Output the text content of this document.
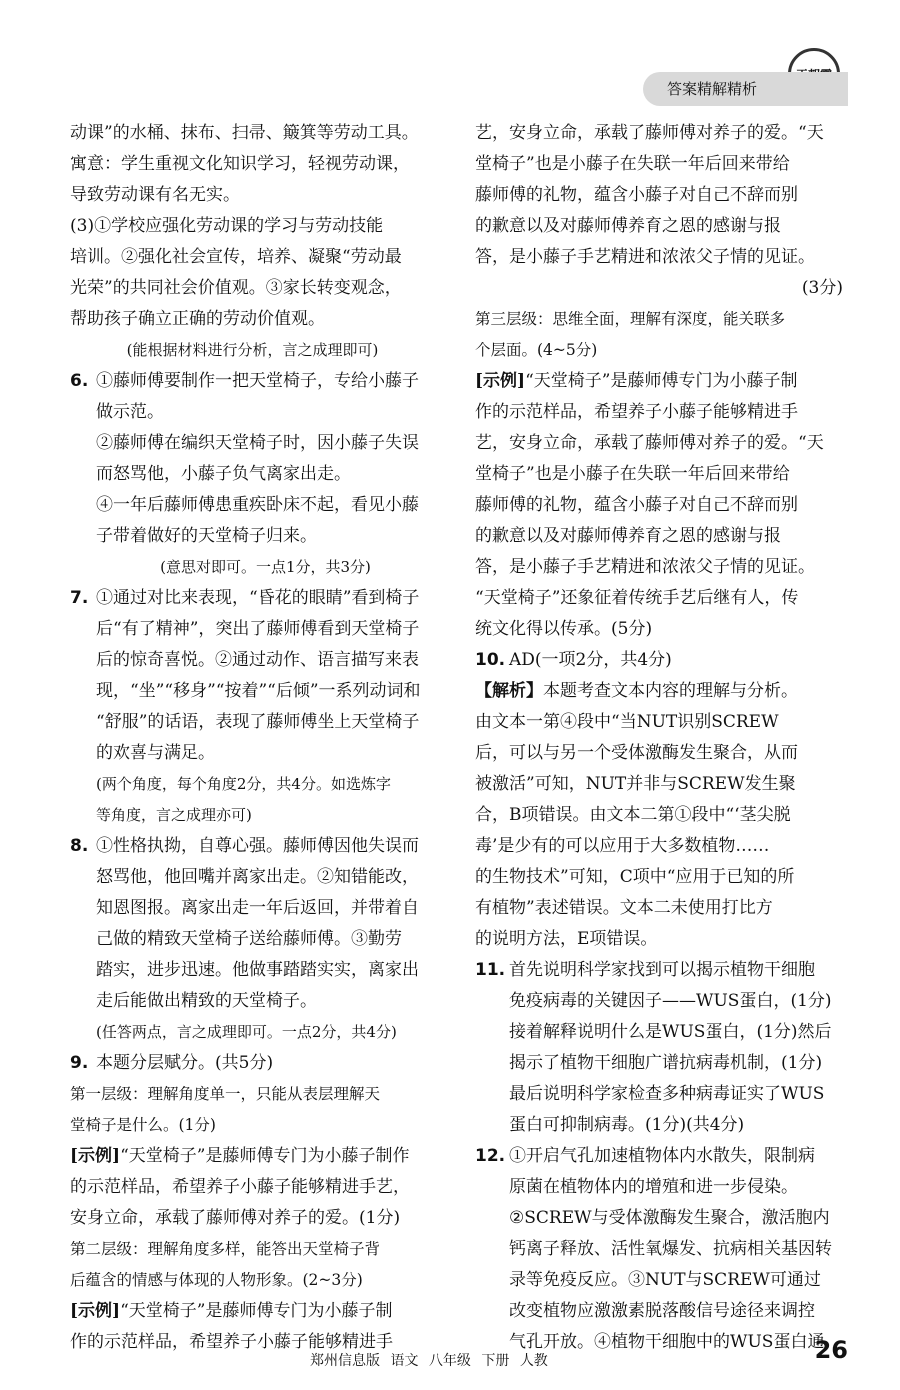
答案精解精析

动课”的水桶、抹布、扫帚、簸箕等劳动工具。

寓意：学生重视文化知识学习，轻视劳动课，

导致劳动课有名无实。

(3)①学校应强化劳动课的学习与劳动技能

培训。②强化社会宣传，培养、凝聚“劳动最

光荣”的共同社会价值观。③家长转变观念，

帮助孩子确立正确的劳动价值观。

(能根据材料进行分析，言之成理即可)

6. ①藤师傅要制作一把天堂椅子，专给小藤子

做示范。

②藤师傅在编织天堂椅子时，因小藤子失误

而怒骂他，小藤子负气离家出走。

④一年后藤师傅患重疾卧床不起，看见小藤

子带着做好的天堂椅子归来。

(意思对即可。一点1分，共3分)

7. ①通过对比来表现，“昏花的眼睛”看到椅子

后“有了精神”，突出了藤师傅看到天堂椅子

后的惊奇喜悦。②通过动作、语言描写来表

现，“坐”“移身”“按着”“后倾”一系列动词和

“舒服”的话语，表现了藤师傅坐上天堂椅子

的欢喜与满足。

(两个角度，每个角度2分，共4分。如选炼字

等角度，言之成理亦可)

8. ①性格执拗，自尊心强。藤师傅因他失误而

怒骂他，他回嘴并离家出走。②知错能改，

知恩图报。离家出走一年后返回，并带着自

己做的精致天堂椅子送给藤师傅。③勤劳

踏实，进步迅速。他做事踏踏实实，离家出

走后能做出精致的天堂椅子。

(任答两点，言之成理即可。一点2分，共4分)

9. 本题分层赋分。(共5分)

第一层级：理解角度单一，只能从表层理解天

堂椅子是什么。(1分)

[示例]“天堂椅子”是藤师傅专门为小藤子制作

的示范样品，希望养子小藤子能够精进手艺，

安身立命，承载了藤师傅对养子的爱。(1分)

第二层级：理解角度多样，能答出天堂椅子背

后蕴含的情感与体现的人物形象。(2~3分)

[示例]“天堂椅子”是藤师傅专门为小藤子制

作的示范样品，希望养子小藤子能够精进手

艺，安身立命，承载了藤师傅对养子的爱。“天

堂椅子”也是小藤子在失联一年后回来带给

藤师傅的礼物，蕴含小藤子对自己不辞而别

的歉意以及对藤师傅养育之恩的感谢与报

答，是小藤子手艺精进和浓浓父子情的见证。

(3分)

第三层级：思维全面，理解有深度，能关联多

个层面。(4~5分)

[示例]“天堂椅子”是藤师傅专门为小藤子制

作的示范样品，希望养子小藤子能够精进手

艺，安身立命，承载了藤师傅对养子的爱。“天

堂椅子”也是小藤子在失联一年后回来带给

藤师傅的礼物，蕴含小藤子对自己不辞而别

的歉意以及对藤师傅养育之恩的感谢与报

答，是小藤子手艺精进和浓浓父子情的见证。

“天堂椅子”还象征着传统手艺后继有人，传

统文化得以传承。(5分)

10. AD(一项2分，共4分)

【解析】本题考查文本内容的理解与分析。

由文本一第④段中“当NUT识别SCREW

后，可以与另一个受体激酶发生聚合，从而

被激活”可知，NUT并非与SCREW发生聚

合，B项错误。由文本二第①段中“‘茎尖脱

毒’是少有的可以应用于大多数植物……

的生物技术”可知，C项中“应用于已知的所

有植物”表述错误。文本二未使用打比方

的说明方法，E项错误。

11. 首先说明科学家找到可以揭示植物干细胞

免疫病毒的关键因子——WUS蛋白，(1分)

接着解释说明什么是WUS蛋白，(1分)然后

揭示了植物干细胞广谱抗病毒机制，(1分)

最后说明科学家检查多种病毒证实了WUS

蛋白可抑制病毒。(1分)(共4分)

12. ①开启气孔加速植物体内水散失，限制病

原菌在植物体内的增殖和进一步侵染。

②SCREW与受体激酶发生聚合，激活胞内

钙离子释放、活性氧爆发、抗病相关基因转

录等免疫反应。③NUT与SCREW可通过

改变植物应激激素脱落酸信号途径来调控

气孔开放。④植物干细胞中的WUS蛋白通

郑州信息版 语文 八年级 下册 人教	26
